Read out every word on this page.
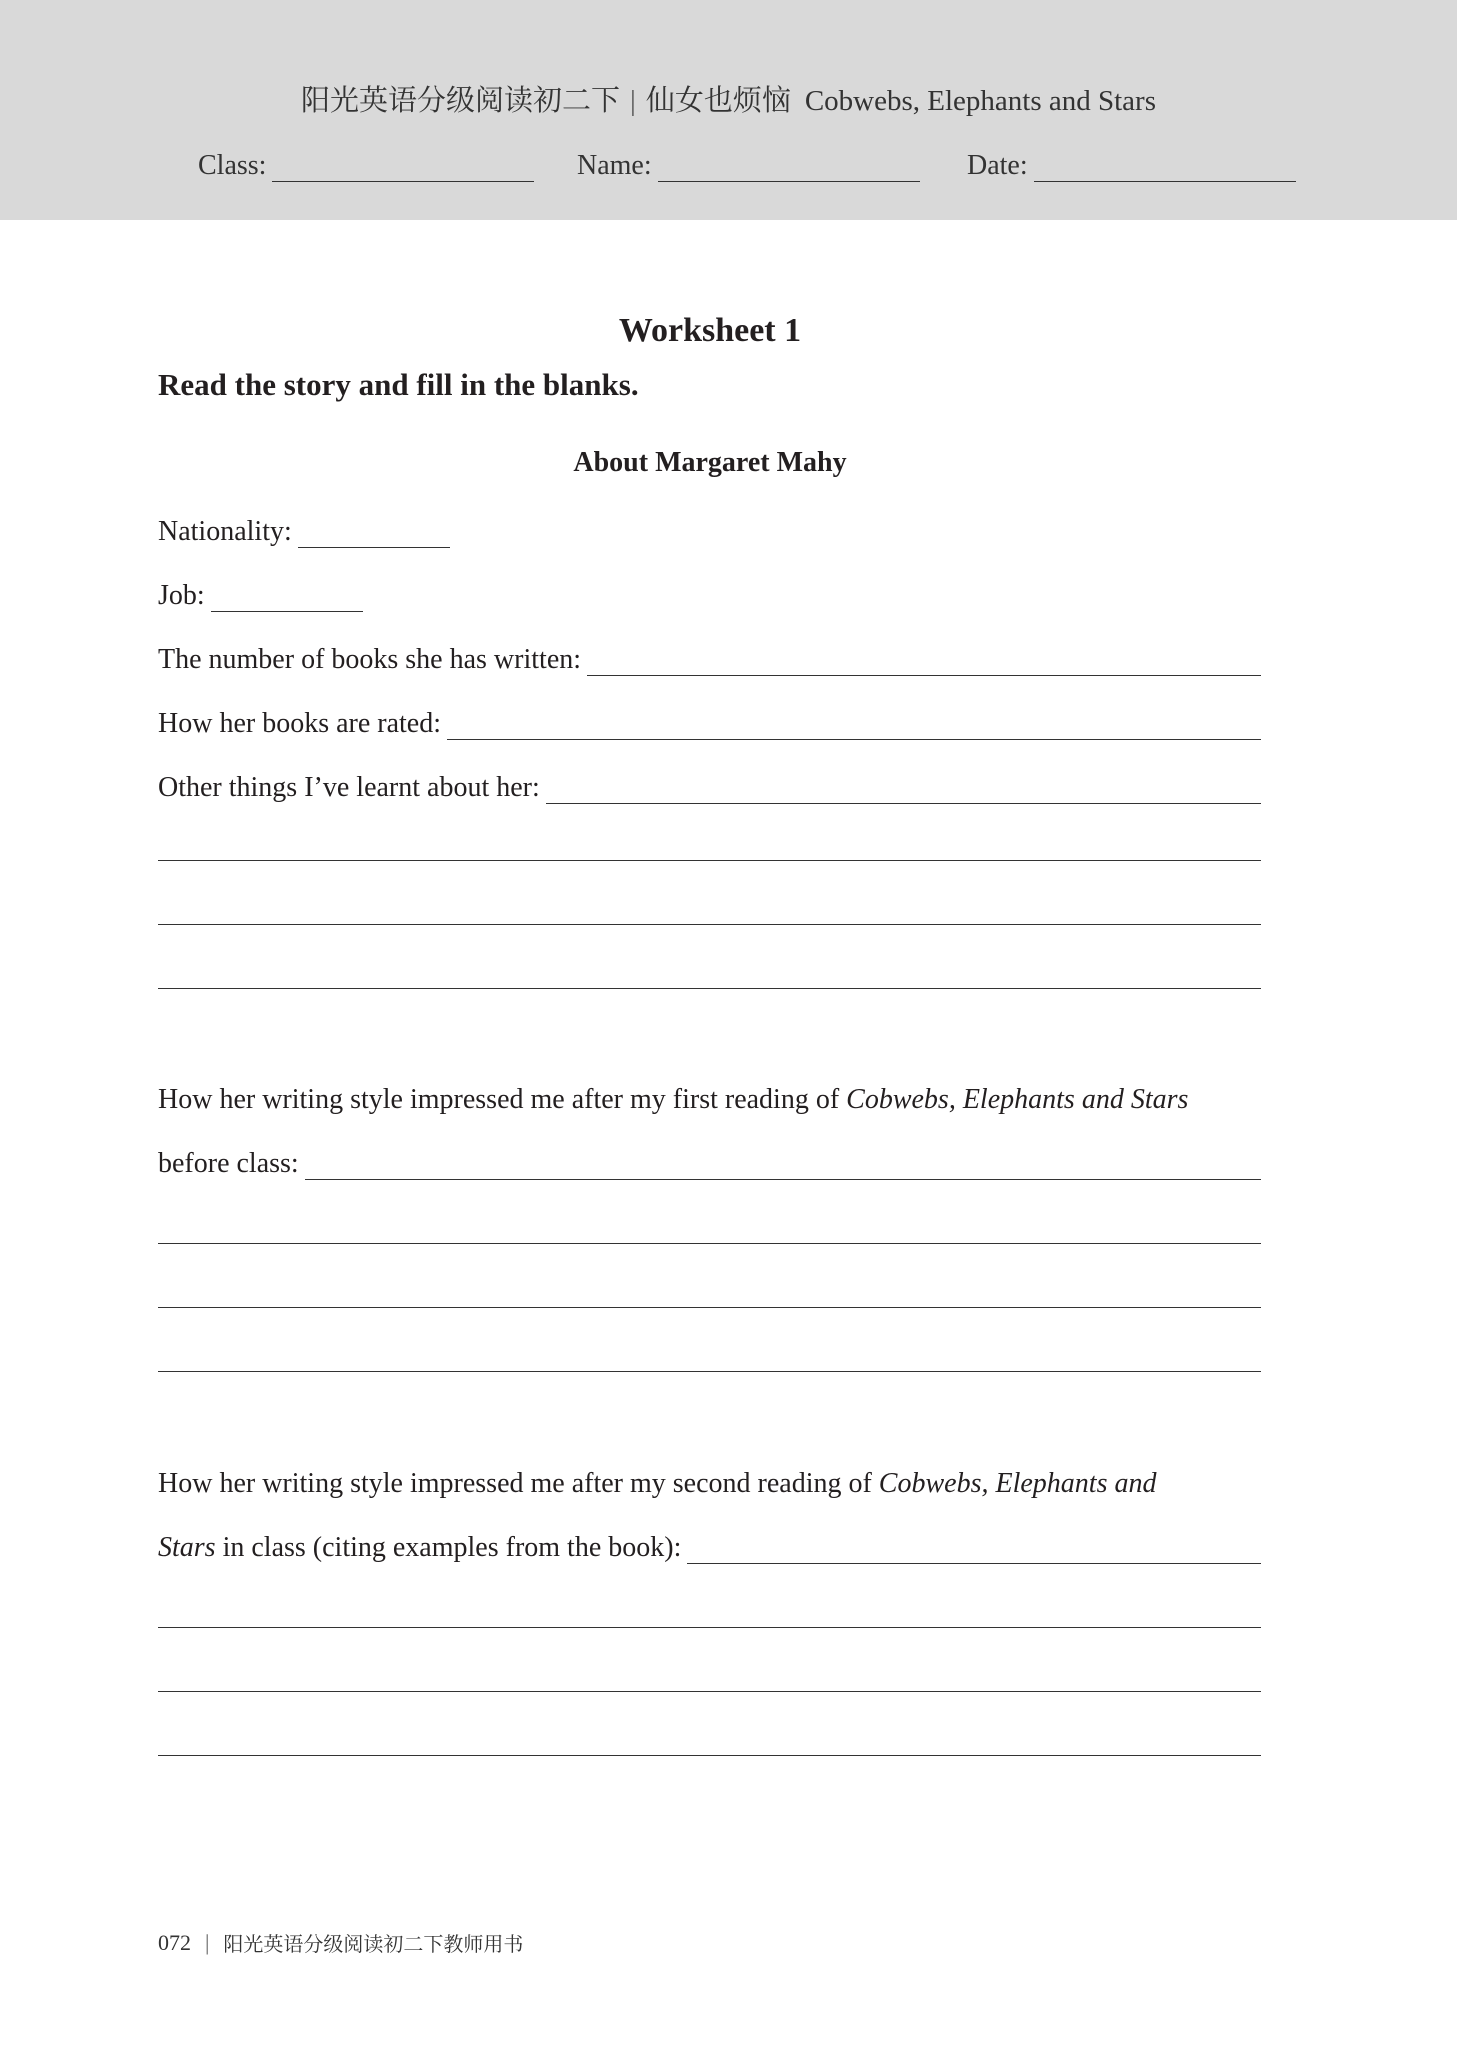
阳光英语分级阅读初二下 | 仙女也烦恼 Cobwebs, Elephants and Stars
Class:	Name:	Date:
Worksheet 1
Read the story and fill in the blanks.
About Margaret Mahy
Nationality:
Job:
The number of books she has written:
How her books are rated:
Other things I’ve learnt about her:
How her writing style impressed me after my first reading of Cobwebs, Elephants and Stars
before class:
How her writing style impressed me after my second reading of Cobwebs, Elephants and
Stars in class (citing examples from the book):
072 | 阳光英语分级阅读初二下教师用书
